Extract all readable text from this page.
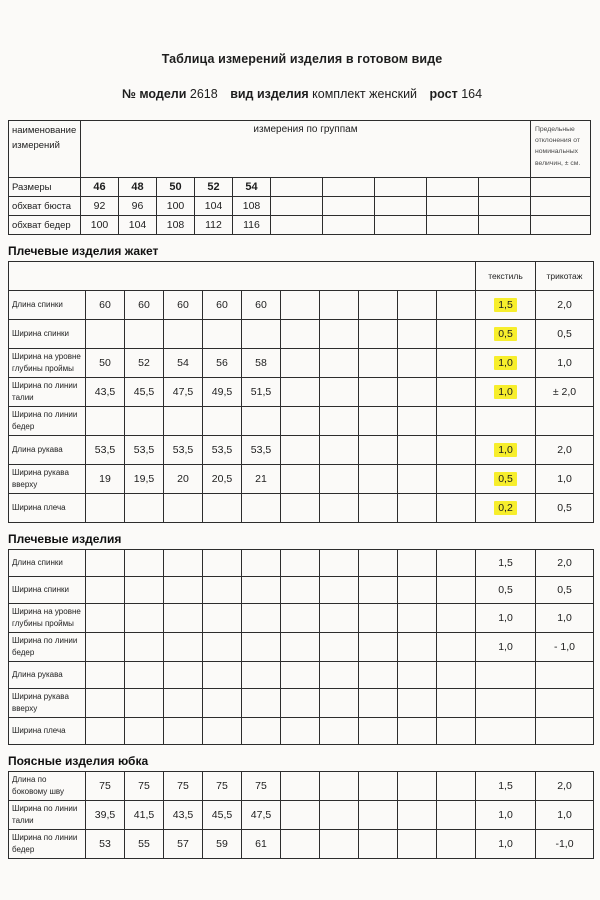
Таблица измерений изделия в готовом виде
№ модели 2618 вид изделия комплект женский рост 164
наименование измерений	измерения по группам										Предельные отклонения от номинальных величин, ± см.
Размеры	46	48	50	52	54						
обхват бюста	92	96	100	104	108						
обхват бедер	100	104	108	112	116						
Плечевые изделия жакет
											текстиль	трикотаж
Длина спинки	60	60	60	60	60						1,5	2,0
Ширина спинки											0,5	0,5
Ширина на уровне глубины проймы	50	52	54	56	58						1,0	1,0
Ширина по линии талии	43,5	45,5	47,5	49,5	51,5						1,0	± 2,0
Ширина по линии бедер												
Длина рукава	53,5	53,5	53,5	53,5	53,5						1,0	2,0
Ширина рукава вверху	19	19,5	20	20,5	21						0,5	1,0
Ширина плеча											0,2	0,5
Плечевые изделия
Длина спинки											1,5	2,0
Ширина спинки											0,5	0,5
Ширина на уровне глубины проймы											1,0	1,0
Ширина по линии бедер											1,0	- 1,0
Длина рукава												
Ширина рукава вверху												
Ширина плеча												
Поясные изделия юбка
Длина по боковому шву	75	75	75	75	75						1,5	2,0
Ширина по линии талии	39,5	41,5	43,5	45,5	47,5						1,0	1,0
Ширина по линии бедер	53	55	57	59	61						1,0	-1,0
